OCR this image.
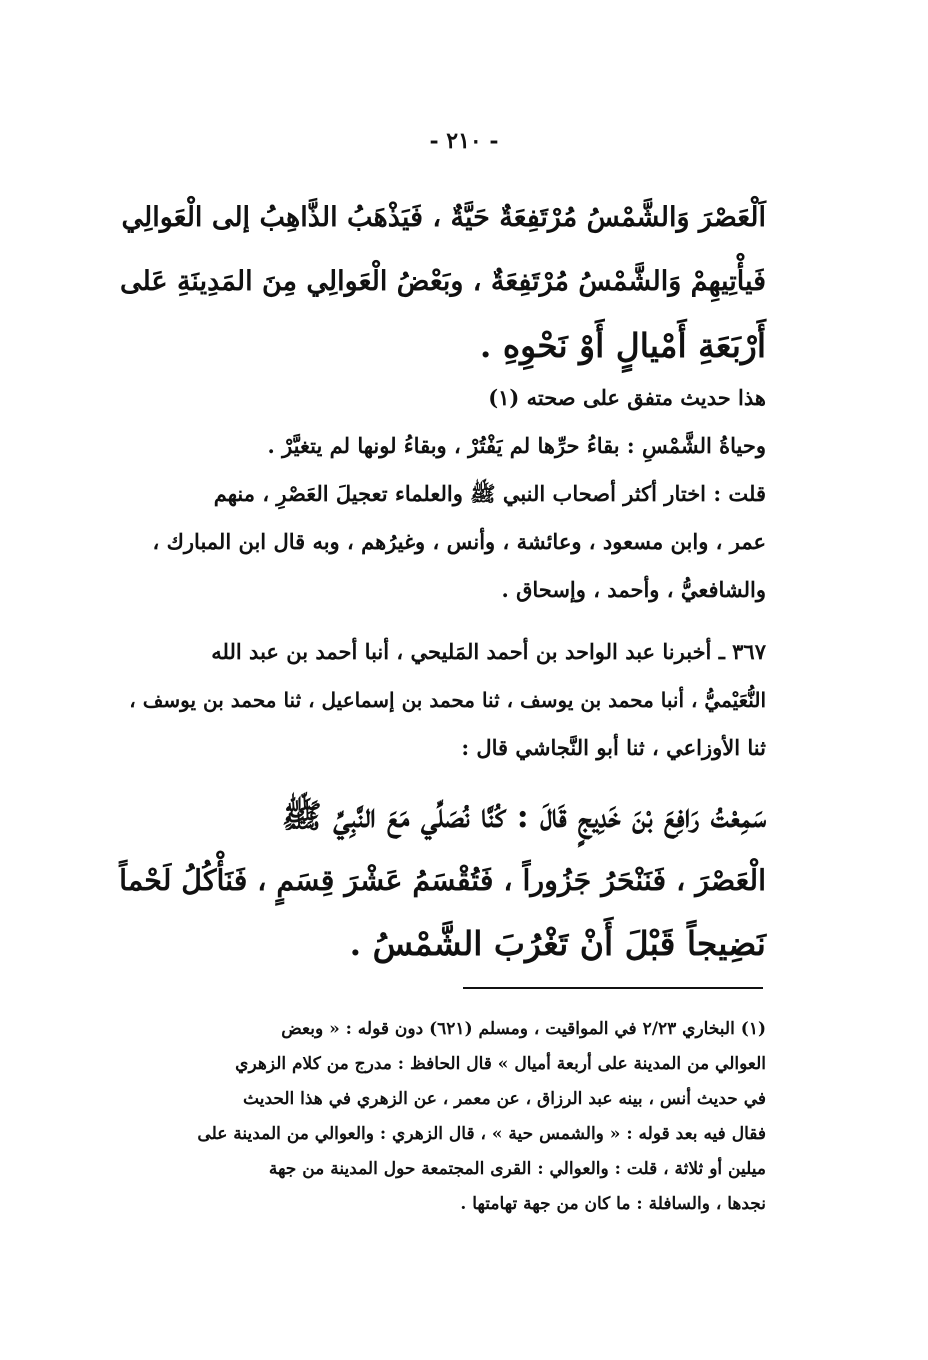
- ٢١٠ -
اَلْعَصْرَ وَالشَّمْسُ مُرْتَفِعَةٌ حَيَّةٌ ، فَيَذْهَبُ الذَّاهِبُ إلى الْعَوالِي
فَيأْتِيهِمْ وَالشَّمْسُ مُرْتَفِعَةٌ ، وبَعْضُ الْعَوالِي مِنَ المَدِينَةِ عَلى
أَرْبَعَةِ أَمْيالٍ أَوْ نَحْوِهِ .
هذا حديث متفق على صحته (١)
وحياةُ الشَّمْسِ : بقاءُ حرِّها لم يَفْتُرْ ، وبقاءُ لونها لم يتغيَّرْ .
قلت : اختار أكثر أصحاب النبي ﷺ والعلماء تعجيلَ العَصْرِ ، منهم
عمر ، وابن مسعود ، وعائشة ، وأنس ، وغيرُهم ، وبه قال ابن المبارك ،
والشافعيُّ ، وأحمد ، وإسحاق .
٣٦٧ ـ أخبرنا عبد الواحد بن أحمد المَليحي ، أنبا أحمد بن عبد الله
النُّعَيْميُّ ، أنبا محمد بن يوسف ، ثنا محمد بن إسماعيل ، ثنا محمد بن يوسف ،
ثنا الأوزاعي ، ثنا أبو النَّجاشي قال :
سَمِعْتُ رَافِعَ بْنَ خَدِيجٍ قَالَ : كُنَّا نُصَلِّي مَعَ النَّبِيِّ ﷺ
الْعَصْرَ ، فَنَنْحَرُ جَزُوراً ، فَتُقْسَمُ عَشْرَ قِسَمٍ ، فَنَأْكُلُ لَحْماً
نَضِيجاً قَبْلَ أَنْ تَغْرُبَ الشَّمْسُ .
(١) البخاري ٢/٢٣ في المواقيت ، ومسلم (٦٢١) دون قوله : « وبعض
العوالي من المدينة على أربعة أميال » قال الحافظ : مدرج من كلام الزهري
في حديث أنس ، بينه عبد الرزاق ، عن معمر ، عن الزهري في هذا الحديث
فقال فيه بعد قوله : « والشمس حية » ، قال الزهري : والعوالي من المدينة على
ميلين أو ثلاثة ، قلت : والعوالي : القرى المجتمعة حول المدينة من جهة
نجدها ، والسافلة : ما كان من جهة تهامتها .
